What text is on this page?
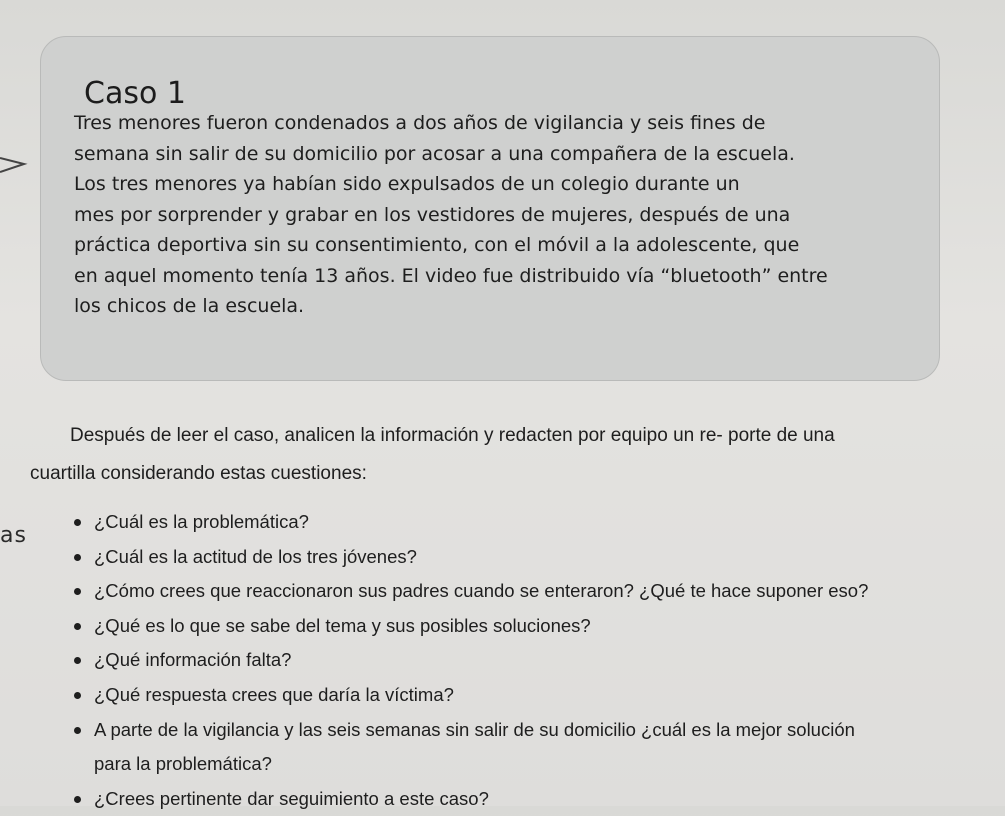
Caso 1

Tres menores fueron condenados a dos años de vigilancia y seis fines de
semana sin salir de su domicilio por acosar a una compañera de la escuela.
Los tres menores ya habían sido expulsados de un colegio durante un
mes por sorprender y grabar en los vestidores de mujeres, después de una
práctica deportiva sin su consentimiento, con el móvil a la adolescente, que
en aquel momento tenía 13 años. El video fue distribuido vía “bluetooth” entre
los chicos de la escuela.

Después de leer el caso, analicen la información y redacten por equipo un re- porte de una
cuartilla considerando estas cuestiones:

as
¿Cuál es la problemática?
¿Cuál es la actitud de los tres jóvenes?
¿Cómo crees que reaccionaron sus padres cuando se enteraron? ¿Qué te hace suponer eso?
¿Qué es lo que se sabe del tema y sus posibles soluciones?
¿Qué información falta?
¿Qué respuesta crees que daría la víctima?
A parte de la vigilancia y las seis semanas sin salir de su domicilio ¿cuál es la mejor solución
para la problemática?
¿Crees pertinente dar seguimiento a este caso?
